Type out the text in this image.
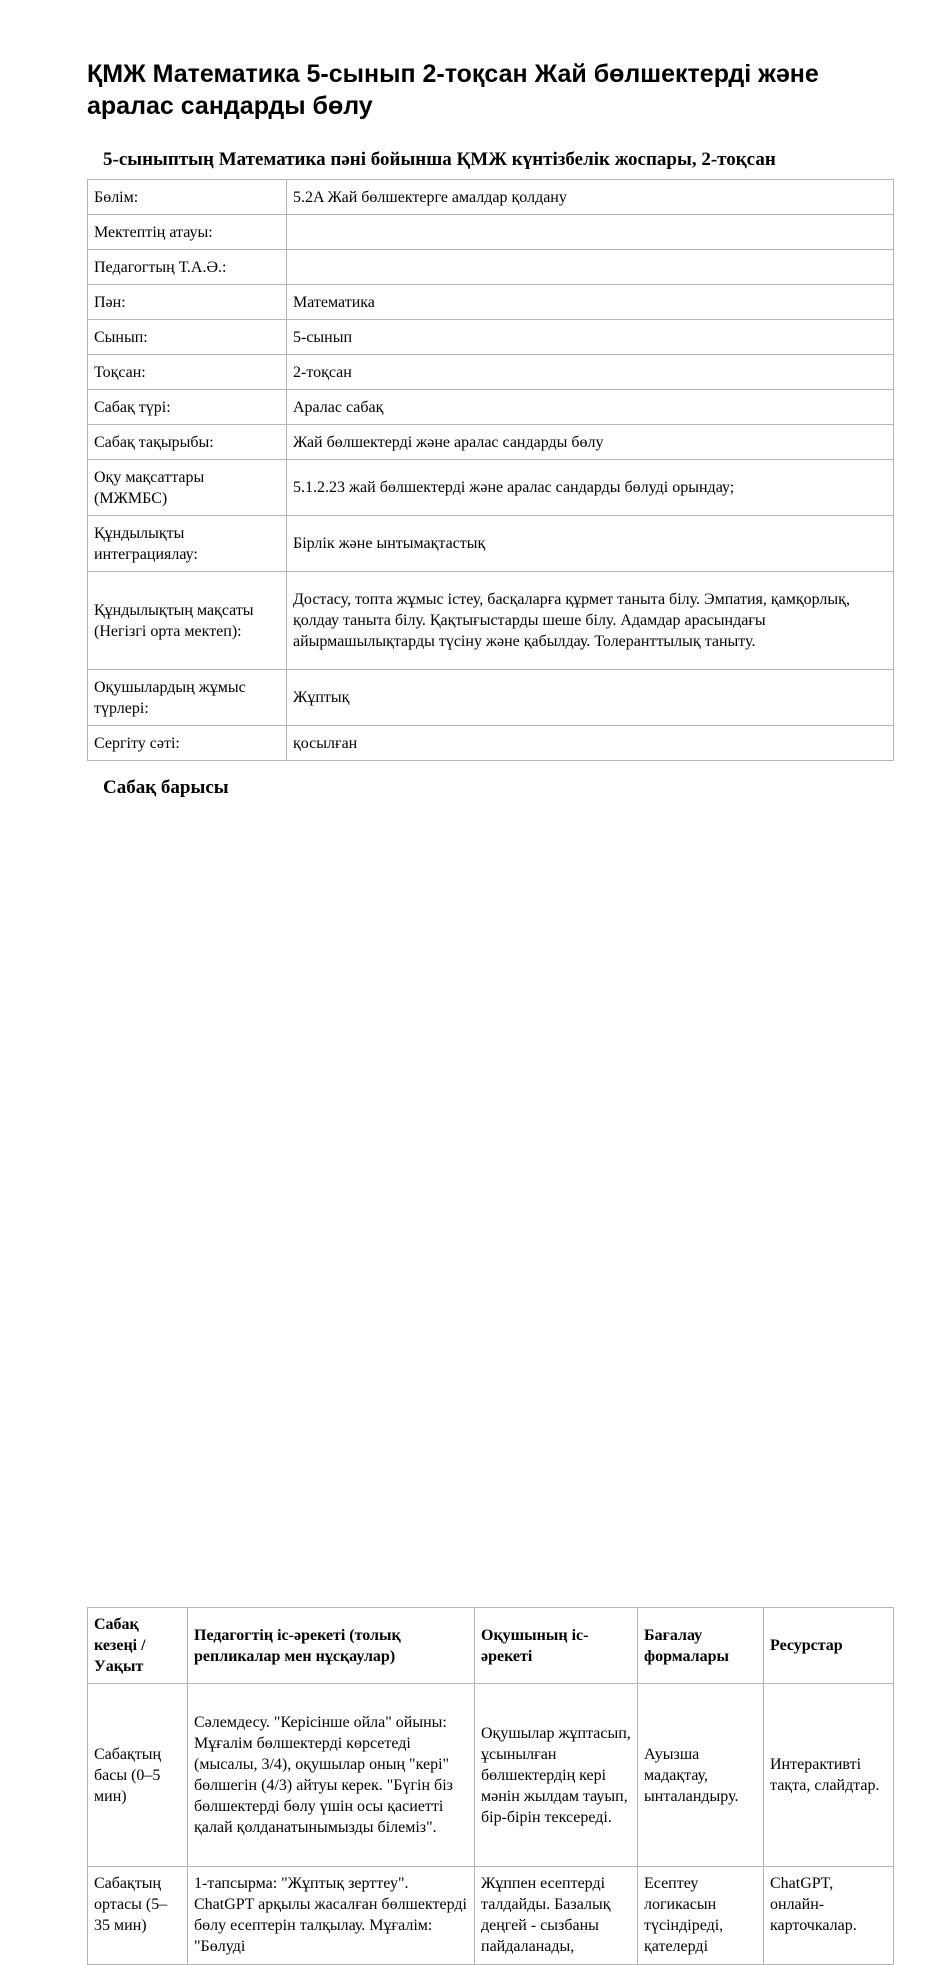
ҚМЖ Математика 5-сынып 2-тоқсан Жай бөлшектерді және аралас сандарды бөлу
5-сыныптың Математика пәні бойынша ҚМЖ күнтізбелік жоспары, 2-тоқсан
Бөлім:	5.2A Жай бөлшектерге амалдар қолдану
Мектептің атауы:	
Педагогтың Т.А.Ә.:	
Пән:	Математика
Сынып:	5-сынып
Тоқсан:	2-тоқсан
Сабақ түрі:	Аралас сабақ
Сабақ тақырыбы:	Жай бөлшектерді және аралас сандарды бөлу
Оқу мақсаттары (МЖМБС)	5.1.2.23 жай бөлшектерді және аралас сандарды бөлуді орындау;
Құндылықты интеграциялау:	Бірлік және ынтымақтастық
Құндылықтың мақсаты (Негізгі орта мектеп):	Достасу, топта жұмыс істеу, басқаларға құрмет таныта білу. Эмпатия, қамқорлық, қолдау таныта білу. Қақтығыстарды шеше білу. Адамдар арасындағы айырмашылықтарды түсіну және қабылдау. Толеранттылық таныту.
Оқушылардың жұмыс түрлері:	Жұптық
Сергіту сәті:	қосылған
Сабақ барысы
Сабақ кезеңі / Уақыт	Педагогтің іс-әрекеті (толық репликалар мен нұсқаулар)	Оқушының іс-әрекеті	Бағалау формалары	Ресурстар
Сабақтың басы (0–5 мин)	Сәлемдесу. "Керісінше ойла" ойыны: Мұғалім бөлшектерді көрсетеді (мысалы, 3/4), оқушылар оның "кері" бөлшегін (4/3) айтуы керек. "Бүгін біз бөлшектерді бөлу үшін осы қасиетті қалай қолданатынымызды білеміз".	Оқушылар жұптасып, ұсынылған бөлшектердің кері мәнін жылдам тауып, бір-бірін тексереді.	Ауызша мадақтау, ынталандыру.	Интерактивті тақта, слайдтар.
Сабақтың ортасы (5–35 мин)	1-тапсырма: "Жұптық зерттеу". ChatGPT арқылы жасалған бөлшектерді бөлу есептерін талқылау. Мұғалім: "Бөлуді	Жұппен есептерді талдайды. Базалық деңгей - сызбаны пайдаланады,	Есептеу логикасын түсіндіреді, қателерді	ChatGPT, онлайн-карточкалар.
